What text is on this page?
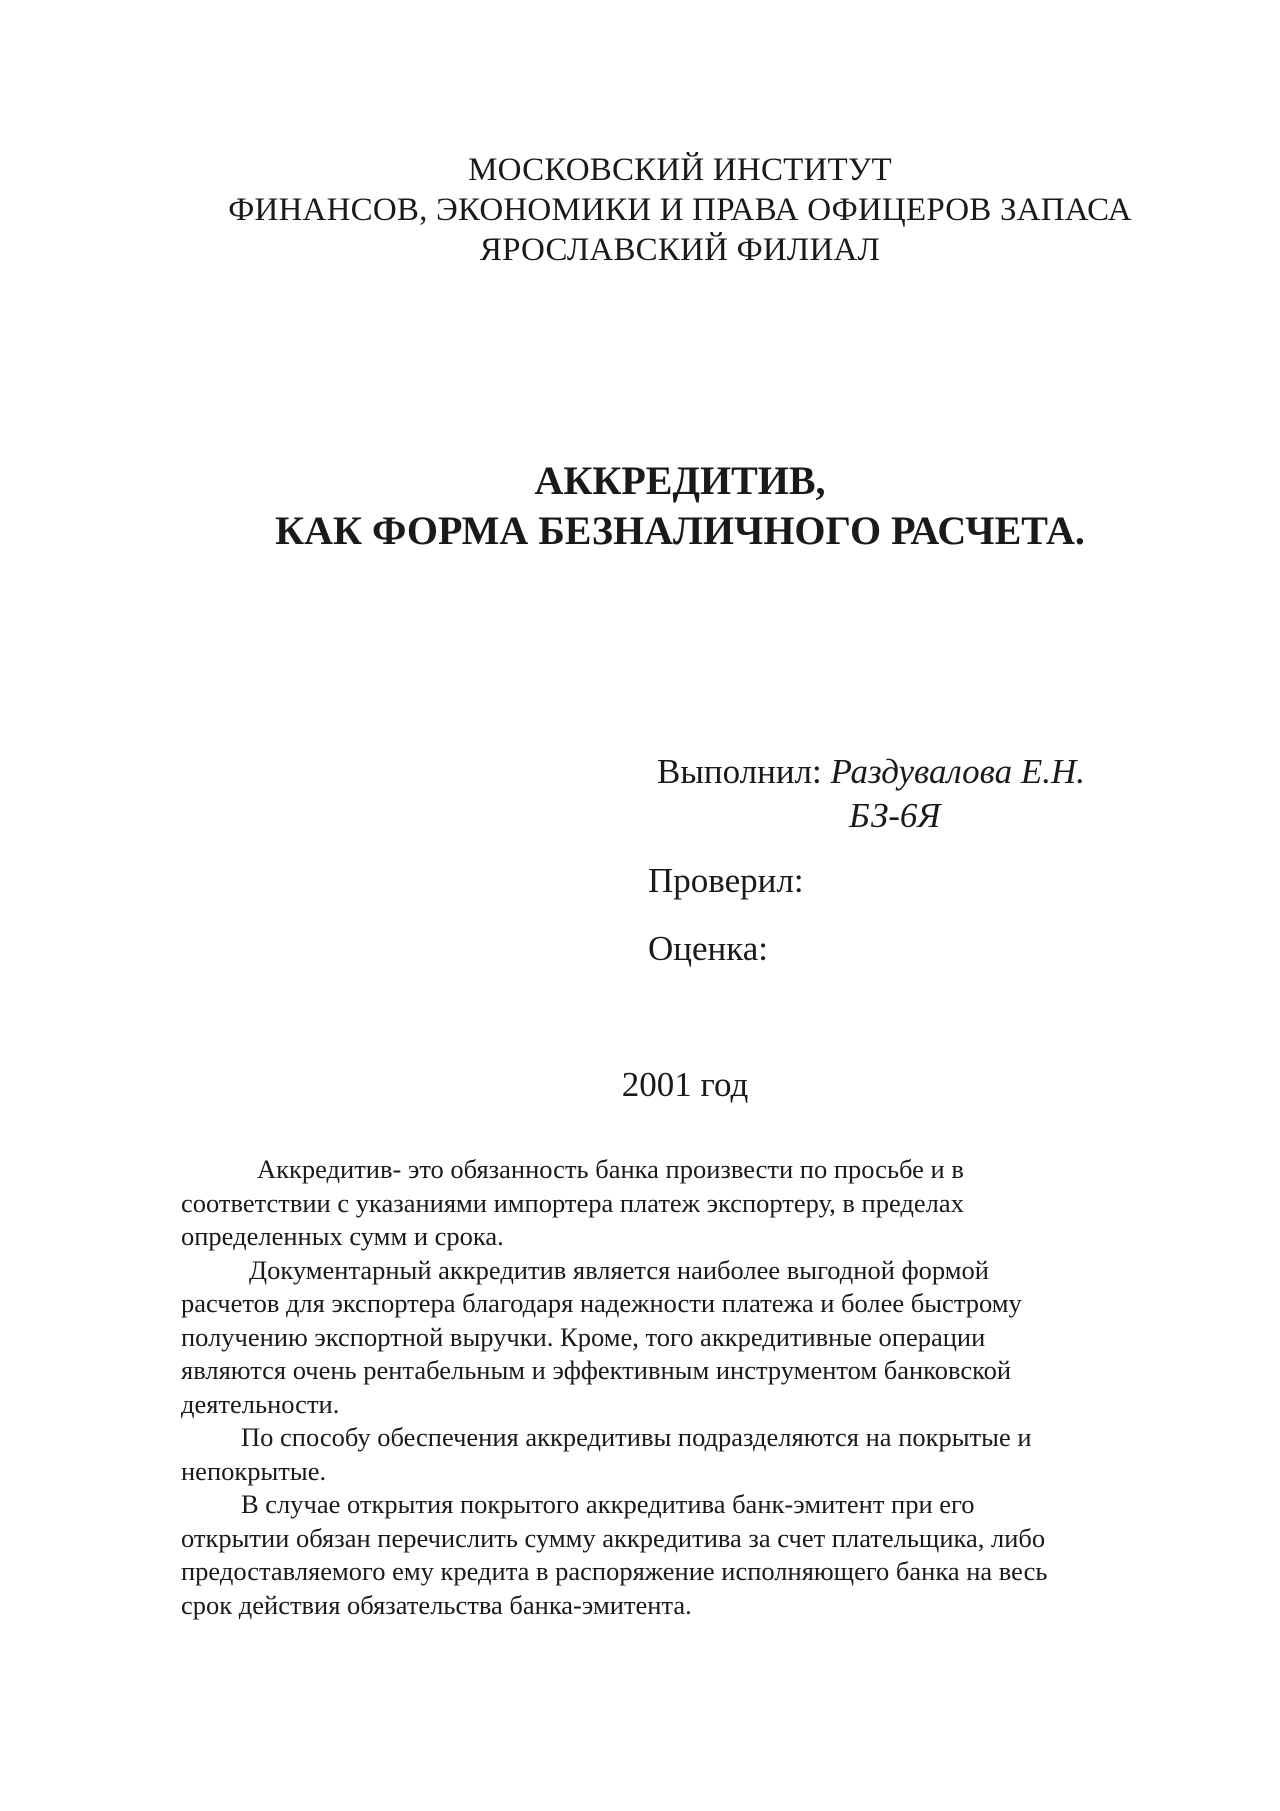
МОСКОВСКИЙ ИНСТИТУТ
ФИНАНСОВ, ЭКОНОМИКИ И ПРАВА ОФИЦЕРОВ ЗАПАСА
ЯРОСЛАВСКИЙ ФИЛИАЛ
АККРЕДИТИВ,
КАК ФОРМА БЕЗНАЛИЧНОГО РАСЧЕТА.
Выполнил: Раздувалова Е.Н.
БЗ-6Я
Проверил:
Оценка:
2001 год
Аккредитив- это обязанность банка произвести по просьбе и в
соответствии с указаниями импортера платеж экспортеру, в пределах
определенных сумм и срока.
Документарный аккредитив является наиболее выгодной формой
расчетов для экспортера благодаря надежности платежа и более быстрому
получению экспортной выручки. Кроме, того аккредитивные операции
являются очень рентабельным и эффективным инструментом банковской
деятельности.
По способу обеспечения аккредитивы подразделяются на покрытые и
непокрытые.
В случае открытия покрытого аккредитива банк-эмитент при его
открытии обязан перечислить сумму аккредитива за счет плательщика, либо
предоставляемого ему кредита в распоряжение исполняющего банка на весь
срок действия обязательства банка-эмитента.
